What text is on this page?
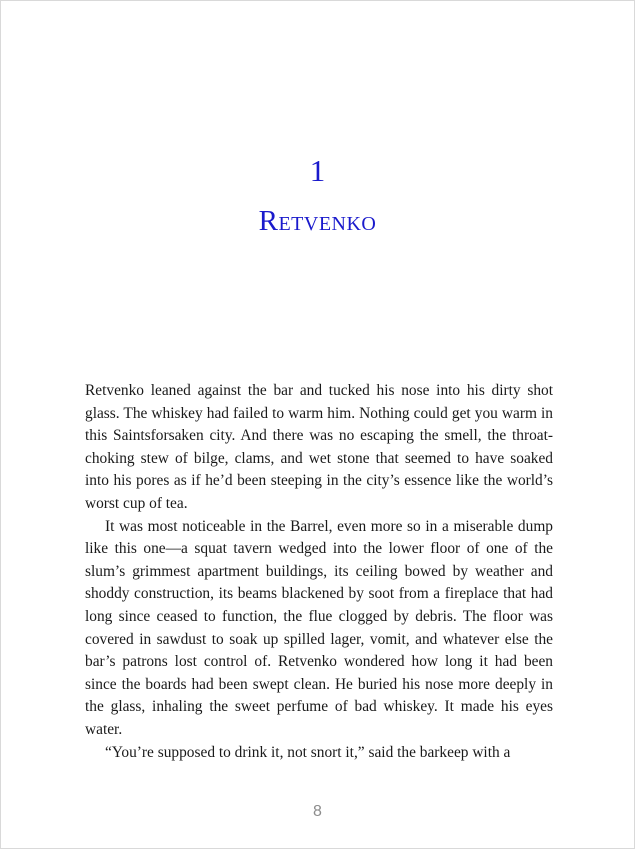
1
Retvenko

Retvenko leaned against the bar and tucked his nose into his dirty shot glass. The whiskey had failed to warm him. Nothing could get you warm in this Saintsforsaken city. And there was no escaping the smell, the throat-choking stew of bilge, clams, and wet stone that seemed to have soaked into his pores as if he’d been steeping in the city’s essence like the world’s worst cup of tea.

It was most noticeable in the Barrel, even more so in a miserable dump like this one—a squat tavern wedged into the lower floor of one of the slum’s grimmest apartment buildings, its ceiling bowed by weather and shoddy construction, its beams blackened by soot from a fireplace that had long since ceased to function, the flue clogged by debris. The floor was covered in sawdust to soak up spilled lager, vomit, and whatever else the bar’s patrons lost control of. Retvenko wondered how long it had been since the boards had been swept clean. He buried his nose more deeply in the glass, inhaling the sweet perfume of bad whiskey. It made his eyes water.

“You’re supposed to drink it, not snort it,” said the barkeep with a

8
